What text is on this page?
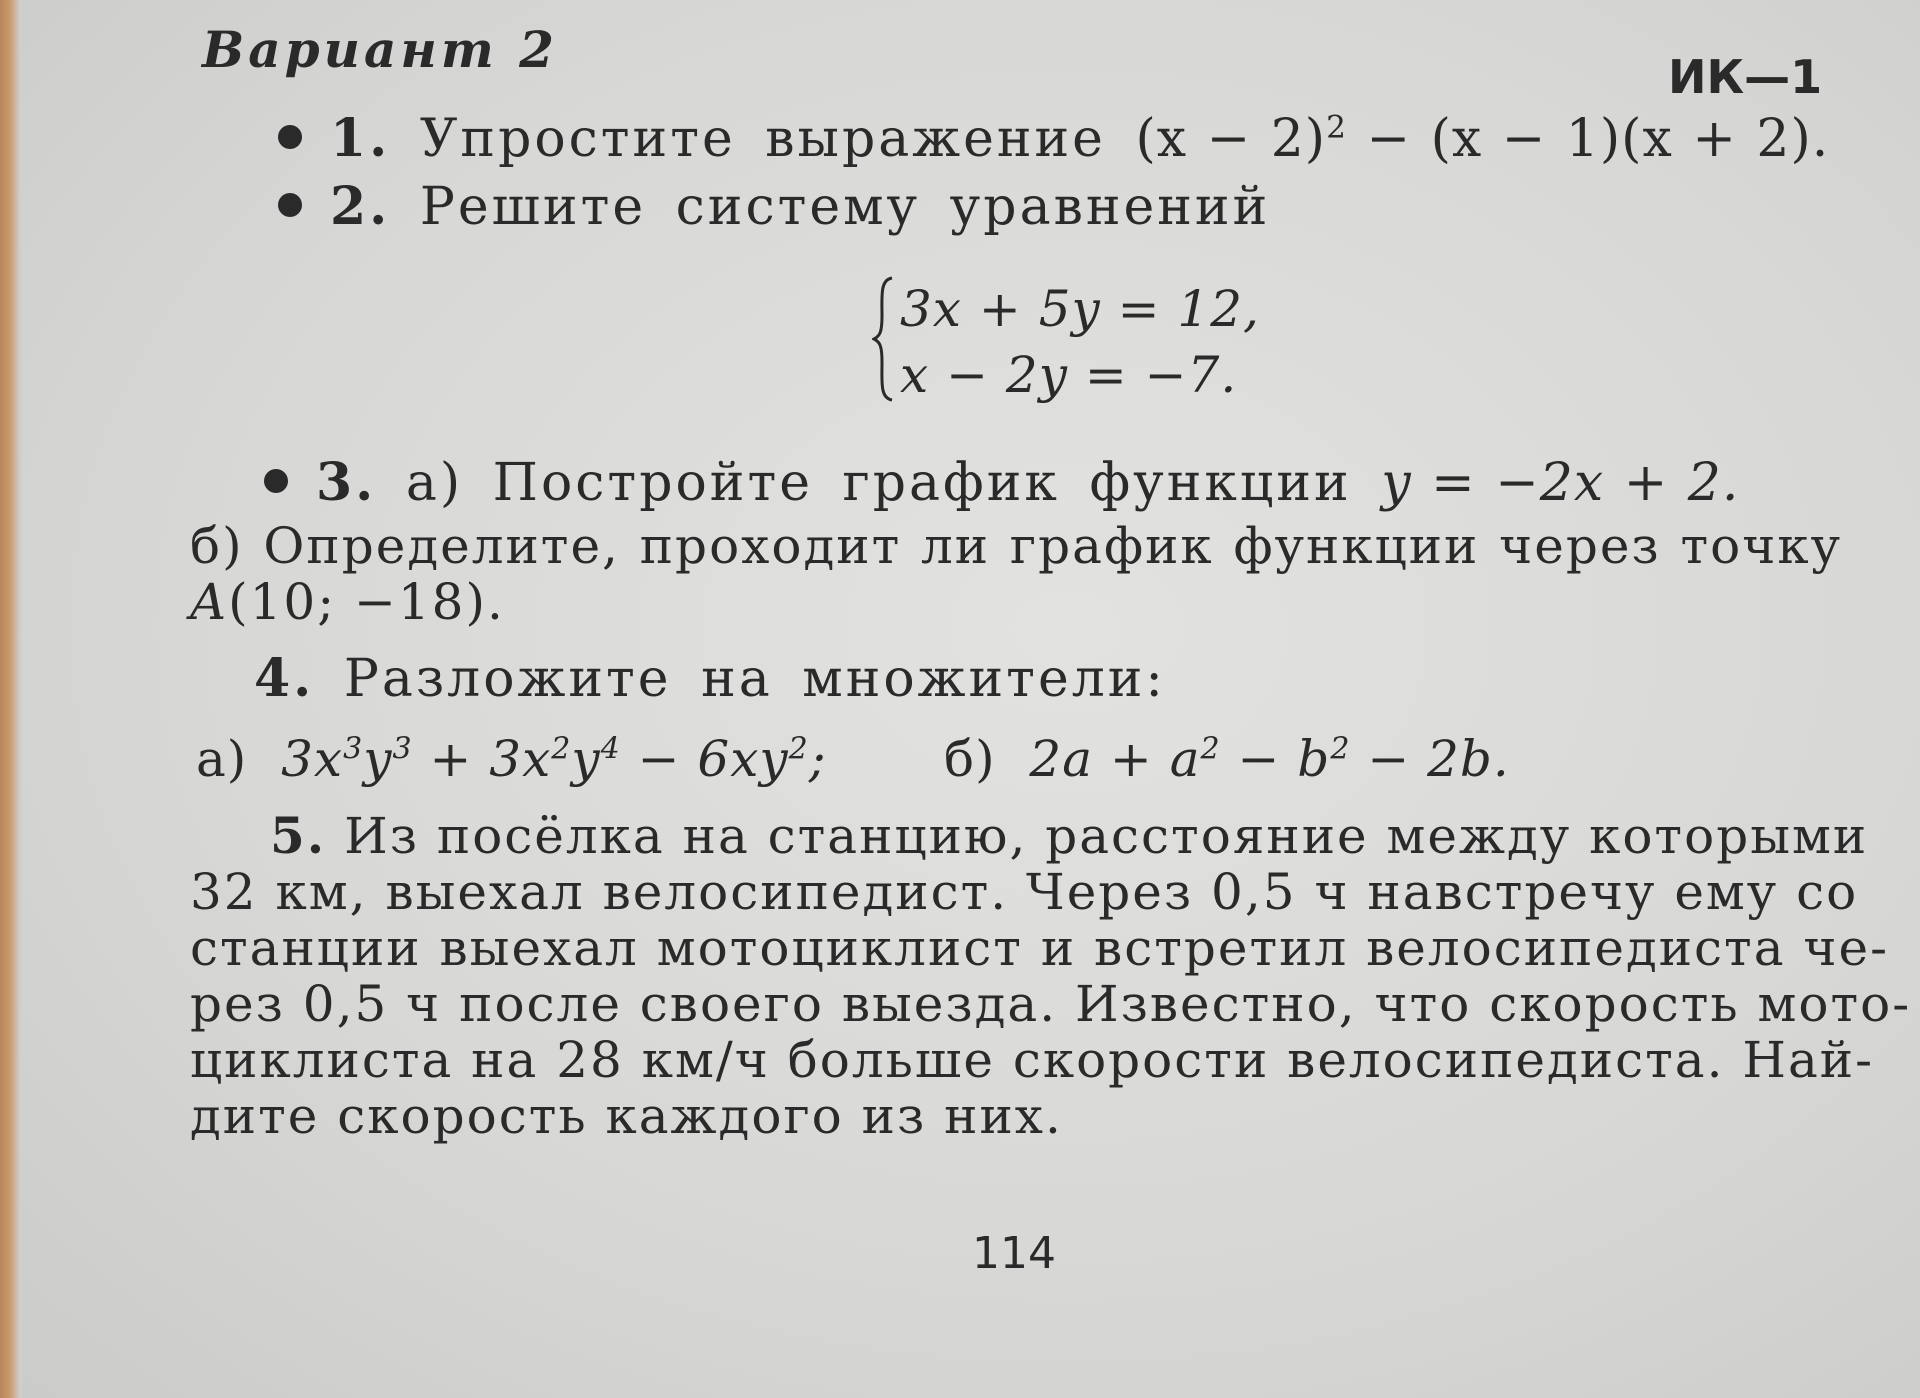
Вариант 2	ИК—1
1. Упростите выражение $(x - 2)^2 - (x - 1)(x + 2)$.
2. Решите систему уравнений
3x + 5y = 12,
x − 2y = −7.
3. а) Постройте график функции y = −2x + 2.
б) Определите, проходит ли график функции через точку
A(10; −18).
4. Разложите на множители:
а) $3x^3y^3 + 3x^2y^4 - 6xy^2$; б) $2a + a^2 - b^2 - 2b$.
5. Из посёлка на станцию, расстояние между которыми
32 км, выехал велосипедист. Через 0,5 ч навстречу ему со
станции выехал мотоциклист и встретил велосипедиста че-
рез 0,5 ч после своего выезда. Известно, что скорость мото-
циклиста на 28 км/ч больше скорости велосипедиста. Най-
дите скорость каждого из них.
114
